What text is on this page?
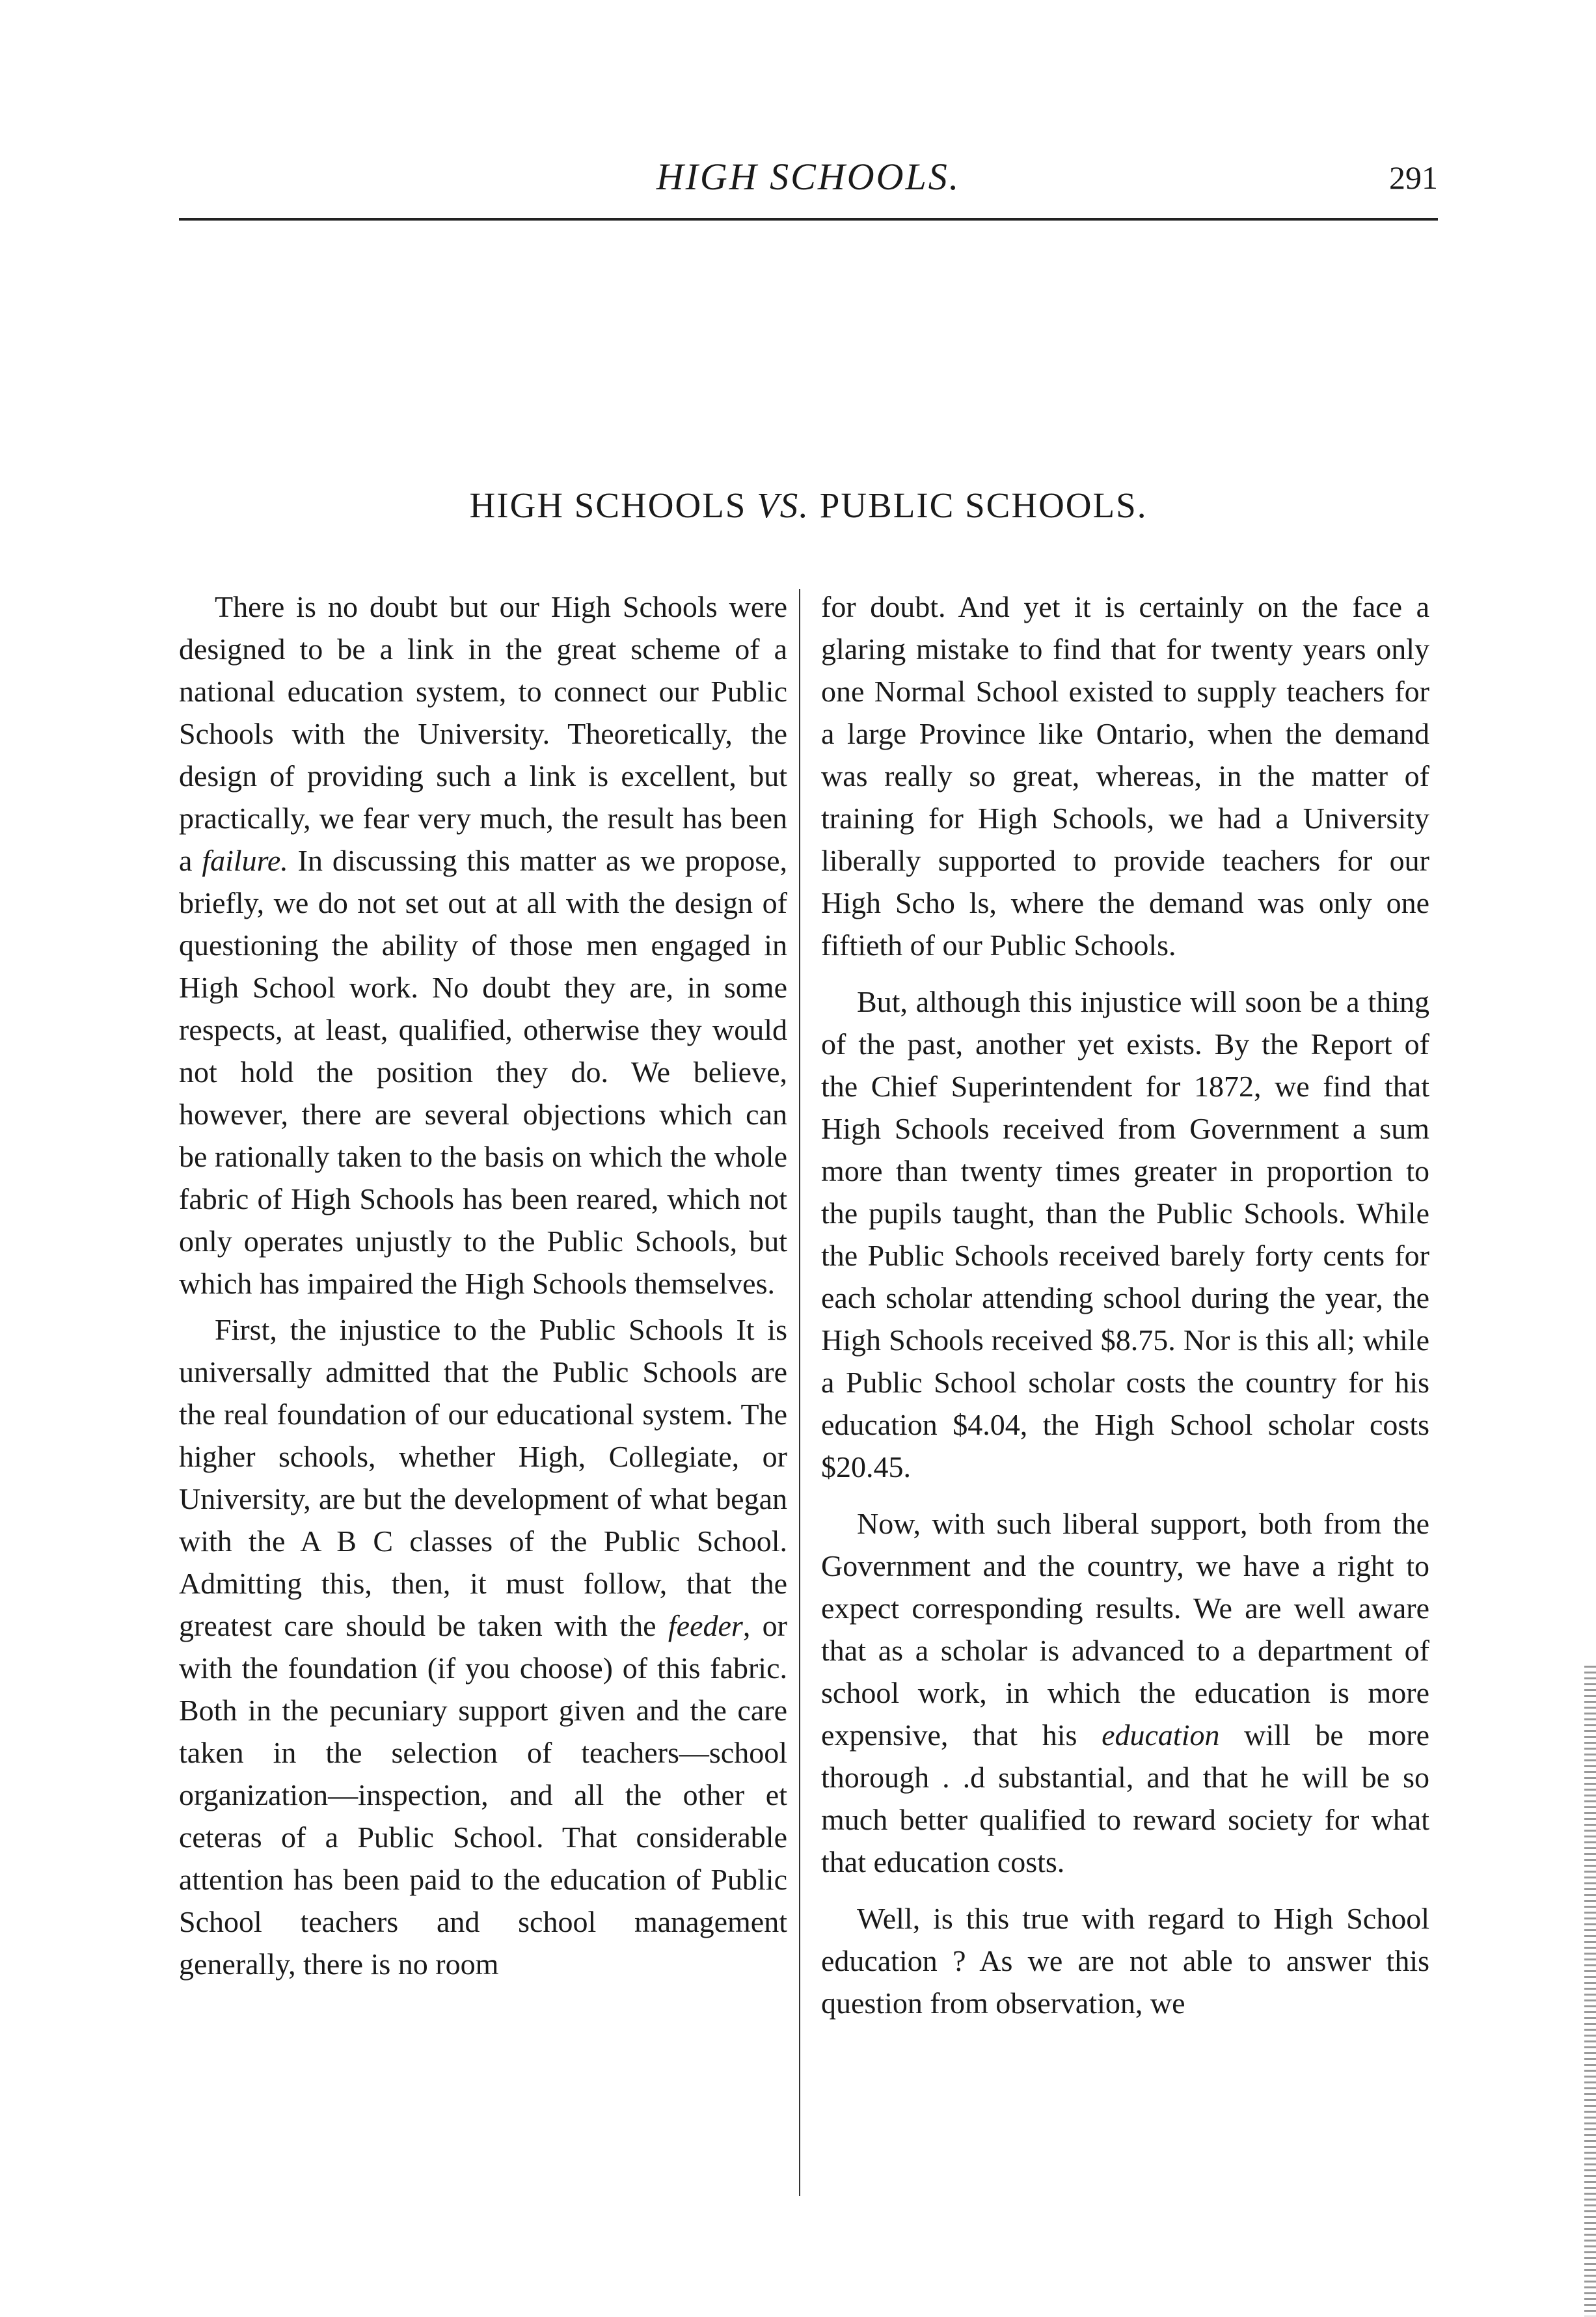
HIGH SCHOOLS.	291
HIGH SCHOOLS VS. PUBLIC SCHOOLS.

There is no doubt but our High Schools were designed to be a link in the great scheme of a national education system, to connect our Public Schools with the University. Theoretically, the design of providing such a link is excellent, but practically, we fear very much, the result has been a failure. In discussing this matter as we propose, briefly, we do not set out at all with the design of questioning the ability of those men engaged in High School work. No doubt they are, in some respects, at least, qualified, otherwise they would not hold the position they do. We believe, however, there are several objections which can be rationally taken to the basis on which the whole fabric of High Schools has been reared, which not only operates unjustly to the Public Schools, but which has impaired the High Schools themselves.

First, the injustice to the Public Schools It is universally admitted that the Public Schools are the real foundation of our educational system. The higher schools, whether High, Collegiate, or University, are but the development of what began with the A B C classes of the Public School. Admitting this, then, it must follow, that the greatest care should be taken with the feeder, or with the foundation (if you choose) of this fabric. Both in the pecuniary support given and the care taken in the selection of teachers—school organization—inspection, and all the other et ceteras of a Public School. That considerable attention has been paid to the education of Public School teachers and school management generally, there is no room

for doubt. And yet it is certainly on the face a glaring mistake to find that for twenty years only one Normal School existed to supply teachers for a large Province like Ontario, when the demand was really so great, whereas, in the matter of training for High Schools, we had a University liberally supported to provide teachers for our High Scho ls, where the demand was only one fiftieth of our Public Schools.

But, although this injustice will soon be a thing of the past, another yet exists. By the Report of the Chief Superintendent for 1872, we find that High Schools received from Government a sum more than twenty times greater in proportion to the pupils taught, than the Public Schools. While the Public Schools received barely forty cents for each scholar attending school during the year, the High Schools received $8.75. Nor is this all; while a Public School scholar costs the country for his education $4.04, the High School scholar costs $20.45.

Now, with such liberal support, both from the Government and the country, we have a right to expect corresponding results. We are well aware that as a scholar is advanced to a department of school work, in which the education is more expensive, that his education will be more thorough . .d substantial, and that he will be so much better qualified to reward society for what that education costs.

Well, is this true with regard to High School education ? As we are not able to answer this question from observation, we
